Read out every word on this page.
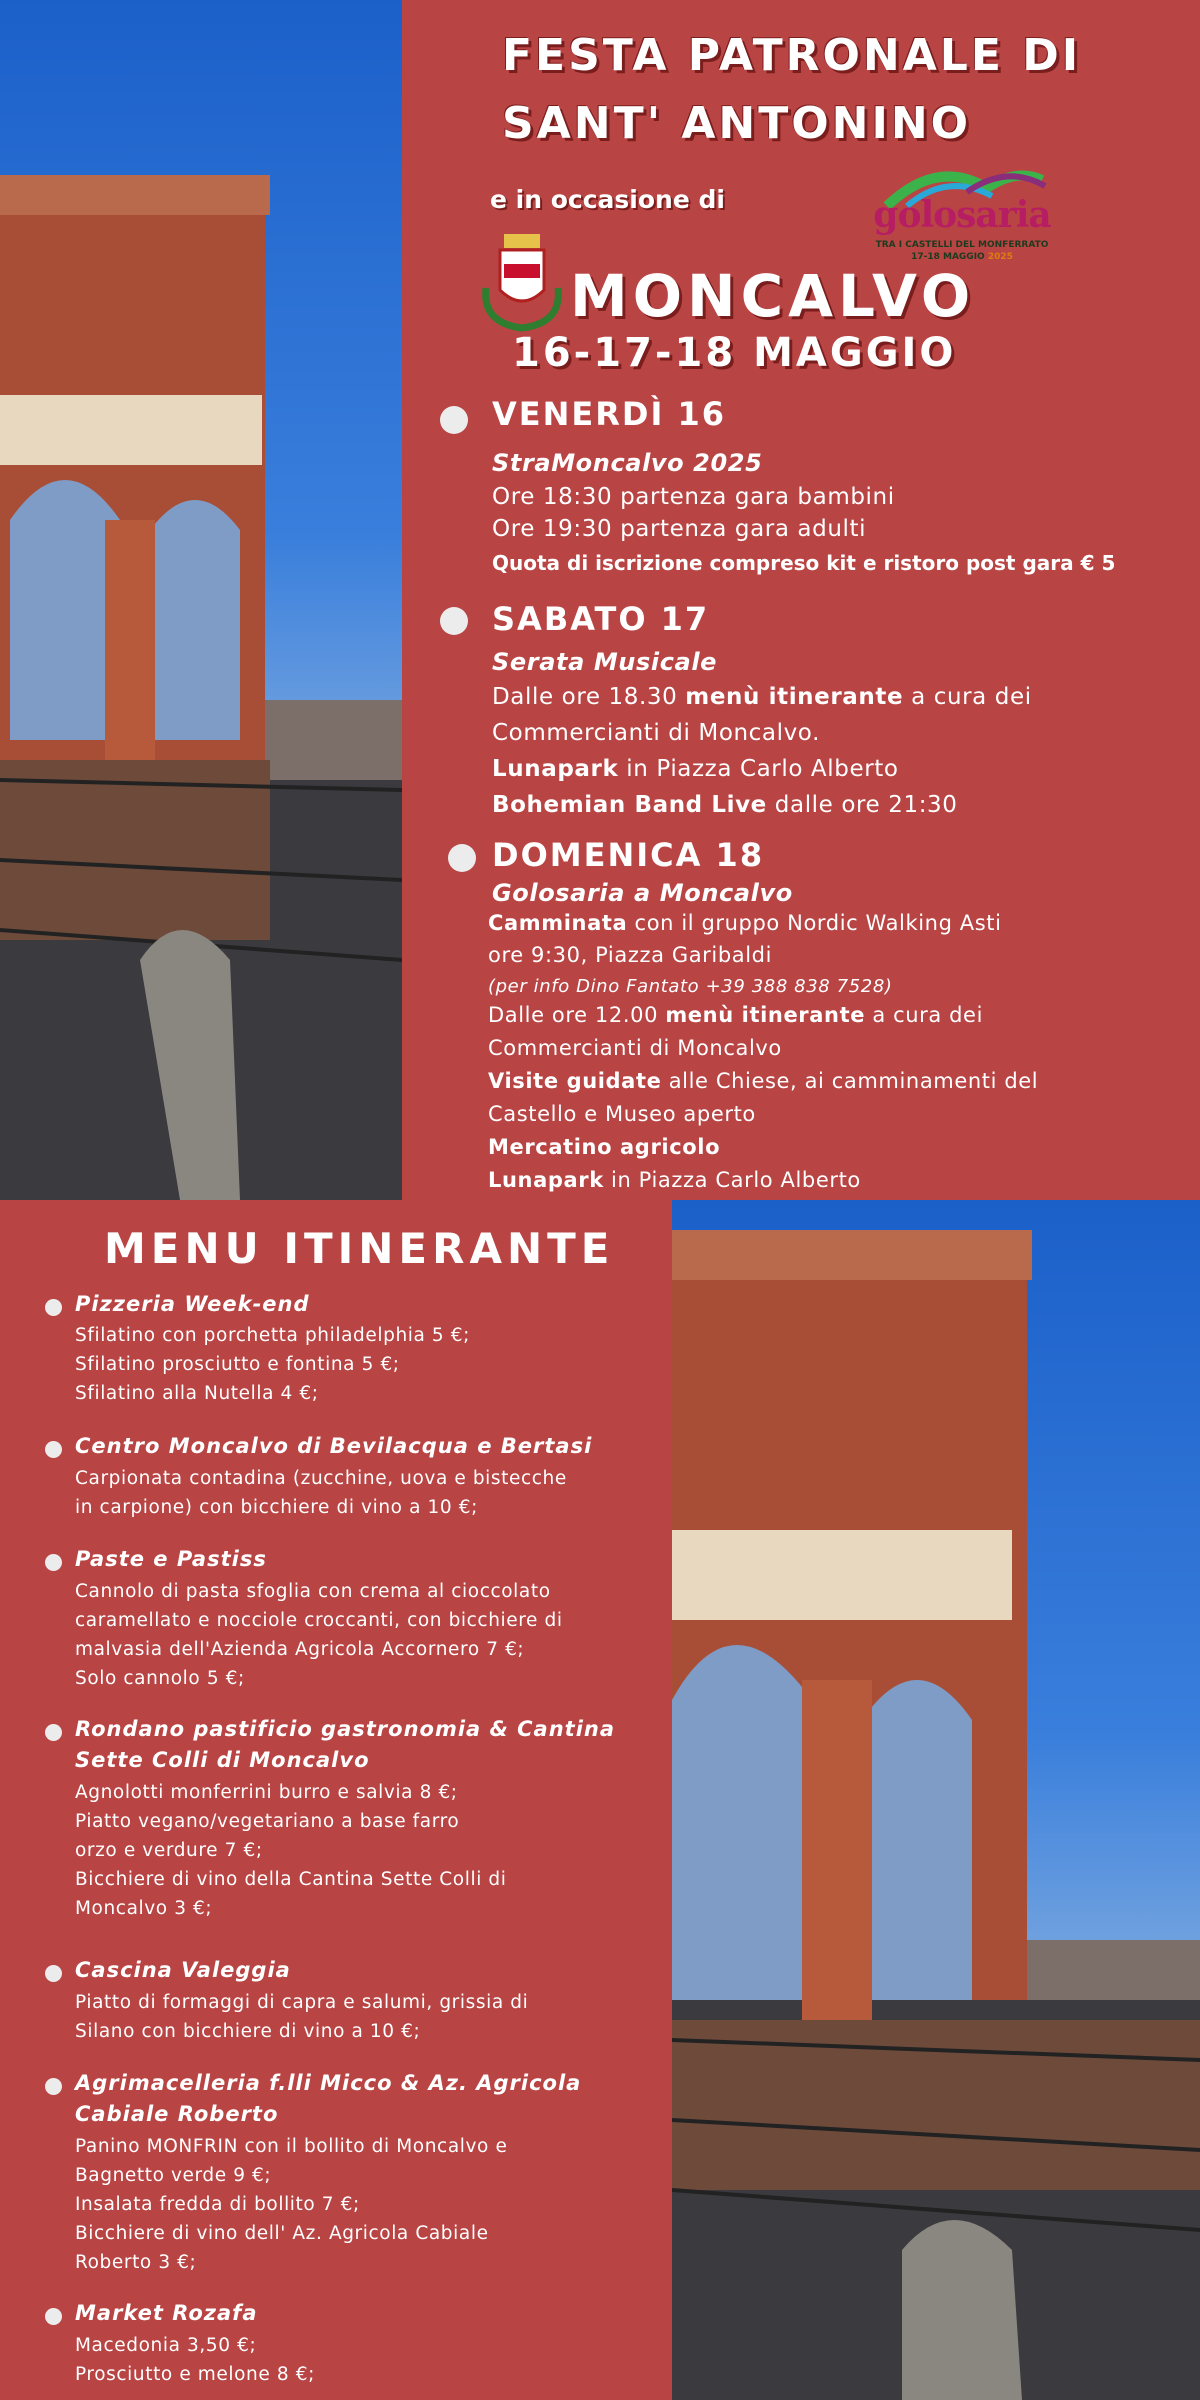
FESTA PATRONALE DI
SANT' ANTONINO
e in occasione di	golosaria
TRA I CASTELLI DEL MONFERRATO
17-18 MAGGIO 2025
MONCALVO
16-17-18 MAGGIO
VENERDÌ 16
StraMoncalvo 2025
Ore 18:30 partenza gara bambini
Ore 19:30 partenza gara adulti
Quota di iscrizione compreso kit e ristoro post gara € 5
SABATO 17
Serata Musicale
Dalle ore 18.30 menù itinerante a cura dei
Commercianti di Moncalvo.
Lunapark in Piazza Carlo Alberto
Bohemian Band Live dalle ore 21:30
DOMENICA 18
Golosaria a Moncalvo
Camminata con il gruppo Nordic Walking Asti
ore 9:30, Piazza Garibaldi
(per info Dino Fantato +39 388 838 7528)
Dalle ore 12.00 menù itinerante a cura dei
Commercianti di Moncalvo
Visite guidate alle Chiese, ai camminamenti del
Castello e Museo aperto
Mercatino agricolo
Lunapark in Piazza Carlo Alberto
MENU ITINERANTE
Pizzeria Week-end
Sfilatino con porchetta philadelphia 5 €;
Sfilatino prosciutto e fontina 5 €;
Sfilatino alla Nutella 4 €;
Centro Moncalvo di Bevilacqua e Bertasi
Carpionata contadina (zucchine, uova e bistecche
in carpione) con bicchiere di vino a 10 €;
Paste e Pastiss
Cannolo di pasta sfoglia con crema al cioccolato
caramellato e nocciole croccanti, con bicchiere di
malvasia dell'Azienda Agricola Accornero 7 €;
Solo cannolo 5 €;
Rondano pastificio gastronomia & Cantina
Sette Colli di Moncalvo
Agnolotti monferrini burro e salvia 8 €;
Piatto vegano/vegetariano a base farro
orzo e verdure 7 €;
Bicchiere di vino della Cantina Sette Colli di
Moncalvo 3 €;
Cascina Valeggia
Piatto di formaggi di capra e salumi, grissia di
Silano con bicchiere di vino a 10 €;
Agrimacelleria f.lli Micco & Az. Agricola
Cabiale Roberto
Panino MONFRIN con il bollito di Moncalvo e
Bagnetto verde 9 €;
Insalata fredda di bollito 7 €;
Bicchiere di vino dell' Az. Agricola Cabiale
Roberto 3 €;
Market Rozafa
Macedonia 3,50 €;
Prosciutto e melone 8 €;
